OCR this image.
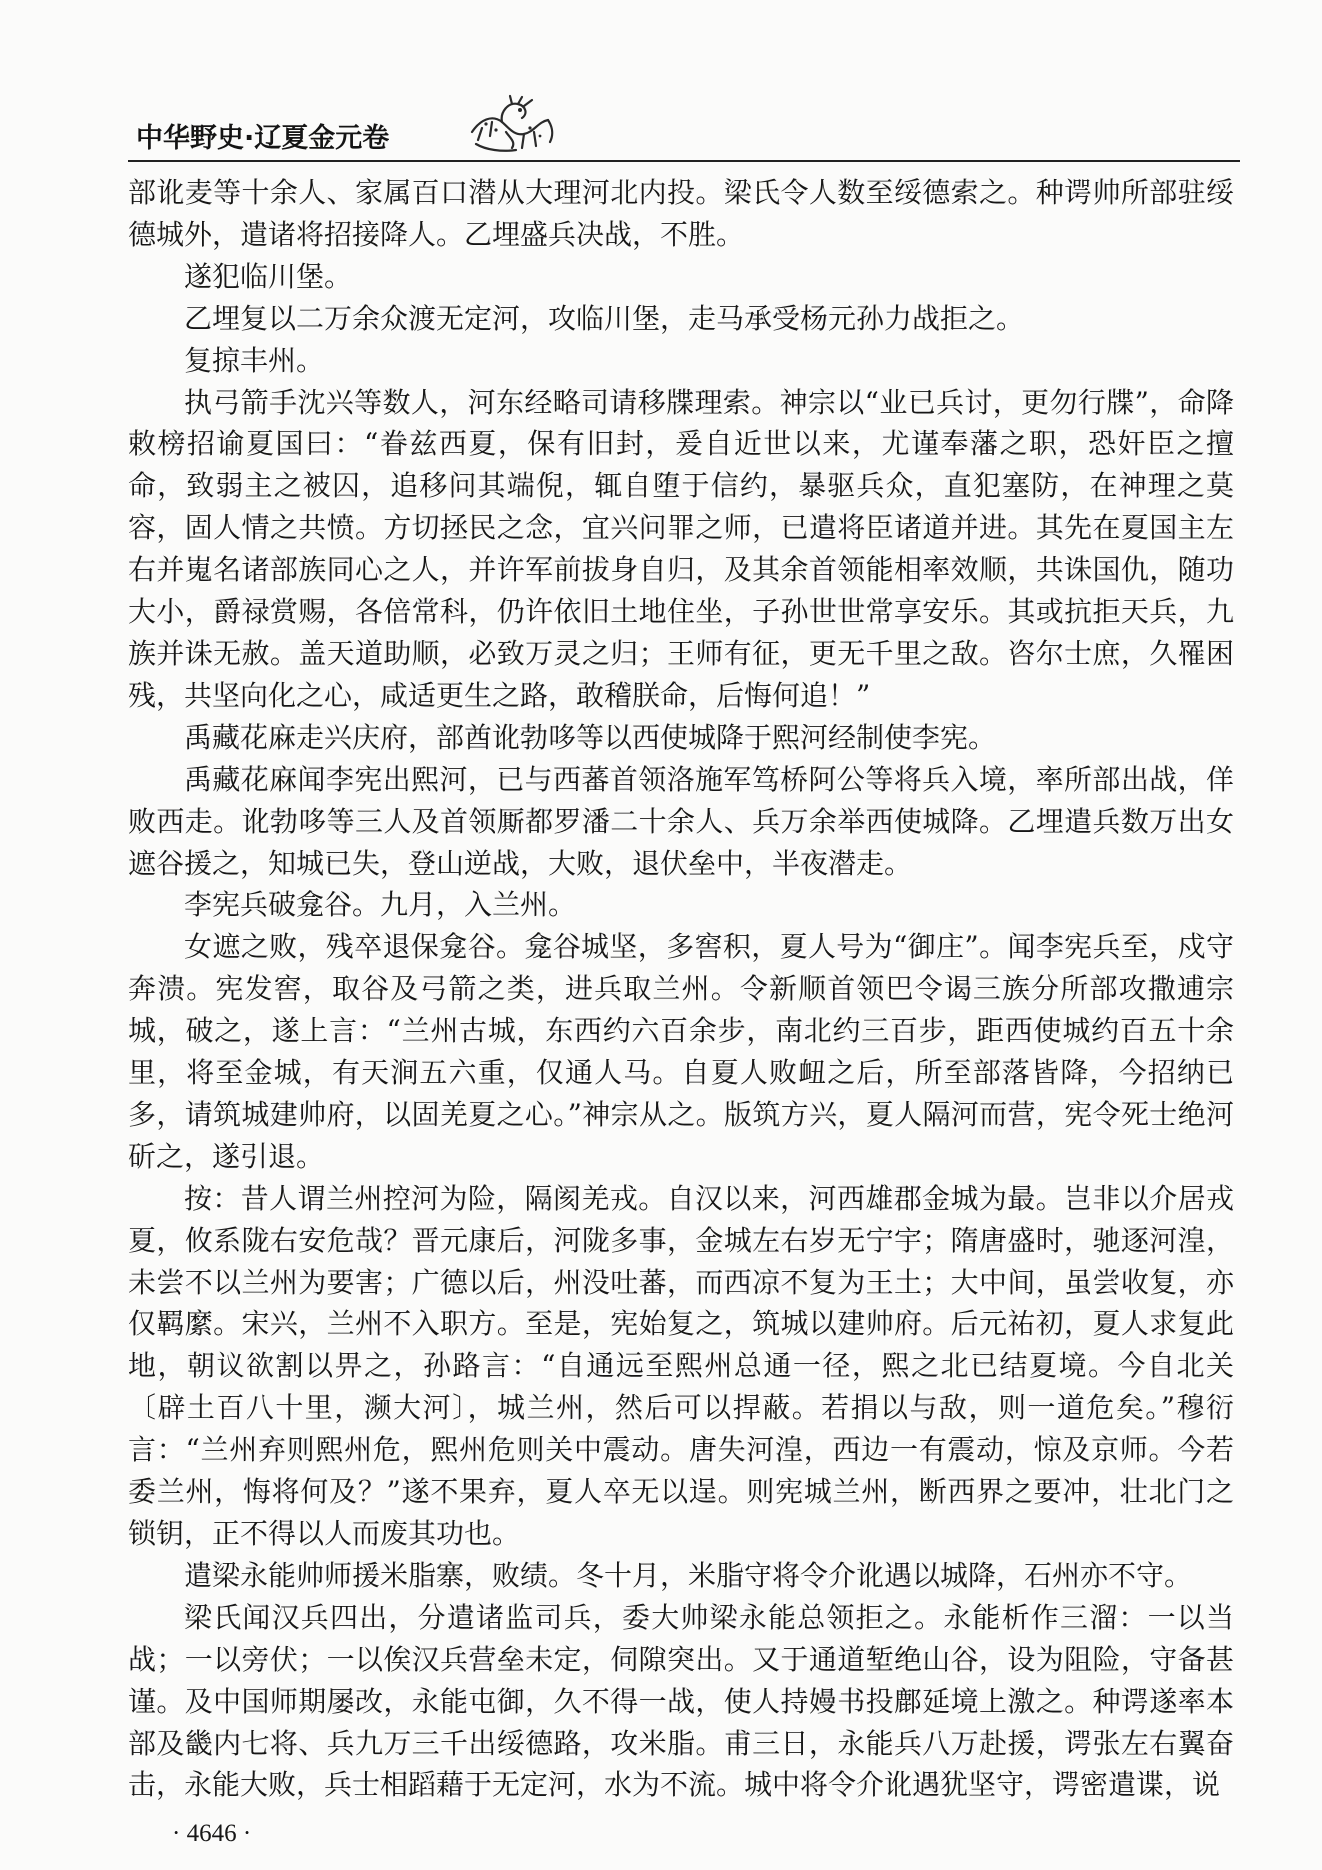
中华野史·辽夏金元卷

部讹麦等十余人、家属百口潜从大理河北内投。梁氏令人数至绥德索之。种谔帅所部驻绥德城外，遣诸将招接降人。乙埋盛兵决战，不胜。

遂犯临川堡。

乙埋复以二万余众渡无定河，攻临川堡，走马承受杨元孙力战拒之。

复掠丰州。

执弓箭手沈兴等数人，河东经略司请移牒理索。神宗以“业已兵讨，更勿行牒”，命降敕榜招谕夏国曰：“眷兹西夏，保有旧封，爰自近世以来，尤谨奉藩之职，恐奸臣之擅命，致弱主之被囚，追移问其端倪，辄自堕于信约，暴驱兵众，直犯塞防，在神理之莫容，固人情之共愤。方切拯民之念，宜兴问罪之师，已遣将臣诸道并进。其先在夏国主左右并嵬名诸部族同心之人，并许军前拔身自归，及其余首领能相率效顺，共诛国仇，随功大小，爵禄赏赐，各倍常科，仍许依旧土地住坐，子孙世世常享安乐。其或抗拒天兵，九族并诛无赦。盖天道助顺，必致万灵之归；王师有征，更无千里之敌。咨尔士庶，久罹困残，共坚向化之心，咸适更生之路，敢稽朕命，后悔何追！”

禹藏花麻走兴庆府，部酋讹勃哆等以西使城降于熙河经制使李宪。

禹藏花麻闻李宪出熙河，已与西蕃首领洛施军笃桥阿公等将兵入境，率所部出战，佯败西走。讹勃哆等三人及首领厮都罗潘二十余人、兵万余举西使城降。乙埋遣兵数万出女遮谷援之，知城已失，登山逆战，大败，退伏垒中，半夜潜走。

李宪兵破龛谷。九月，入兰州。

女遮之败，残卒退保龛谷。龛谷城坚，多窖积，夏人号为“御庄”。闻李宪兵至，戍守奔溃。宪发窖，取谷及弓箭之类，进兵取兰州。令新顺首领巴令谒三族分所部攻撒逋宗城，破之，遂上言：“兰州古城，东西约六百余步，南北约三百步，距西使城约百五十余里，将至金城，有天涧五六重，仅通人马。自夏人败衄之后，所至部落皆降，今招纳已多，请筑城建帅府，以固羌夏之心。”神宗从之。版筑方兴，夏人隔河而营，宪令死士绝河斫之，遂引退。

按：昔人谓兰州控河为险，隔阂羌戎。自汉以来，河西雄郡金城为最。岂非以介居戎夏，攸系陇右安危哉？晋元康后，河陇多事，金城左右岁无宁宇；隋唐盛时，驰逐河湟，未尝不以兰州为要害；广德以后，州没吐蕃，而西凉不复为王土；大中间，虽尝收复，亦仅羁縻。宋兴，兰州不入职方。至是，宪始复之，筑城以建帅府。后元祐初，夏人求复此地，朝议欲割以畀之，孙路言：“自通远至熙州总通一径，熙之北已结夏境。今自北关〔辟土百八十里，濒大河〕，城兰州，然后可以捍蔽。若捐以与敌，则一道危矣。”穆衍言：“兰州弃则熙州危，熙州危则关中震动。唐失河湟，西边一有震动，惊及京师。今若委兰州，悔将何及？”遂不果弃，夏人卒无以逞。则宪城兰州，断西界之要冲，壮北门之锁钥，正不得以人而废其功也。

遣梁永能帅师援米脂寨，败绩。冬十月，米脂守将令介讹遇以城降，石州亦不守。

梁氏闻汉兵四出，分遣诸监司兵，委大帅梁永能总领拒之。永能析作三溜：一以当战；一以旁伏；一以俟汉兵营垒未定，伺隙突出。又于通道堑绝山谷，设为阻险，守备甚谨。及中国师期屡改，永能屯御，久不得一战，使人持嫚书投鄜延境上激之。种谔遂率本部及畿内七将、兵九万三千出绥德路，攻米脂。甫三日，永能兵八万赴援，谔张左右翼奋击，永能大败，兵士相蹈藉于无定河，水为不流。城中将令介讹遇犹坚守，谔密遣谍，说

· 4646 ·
